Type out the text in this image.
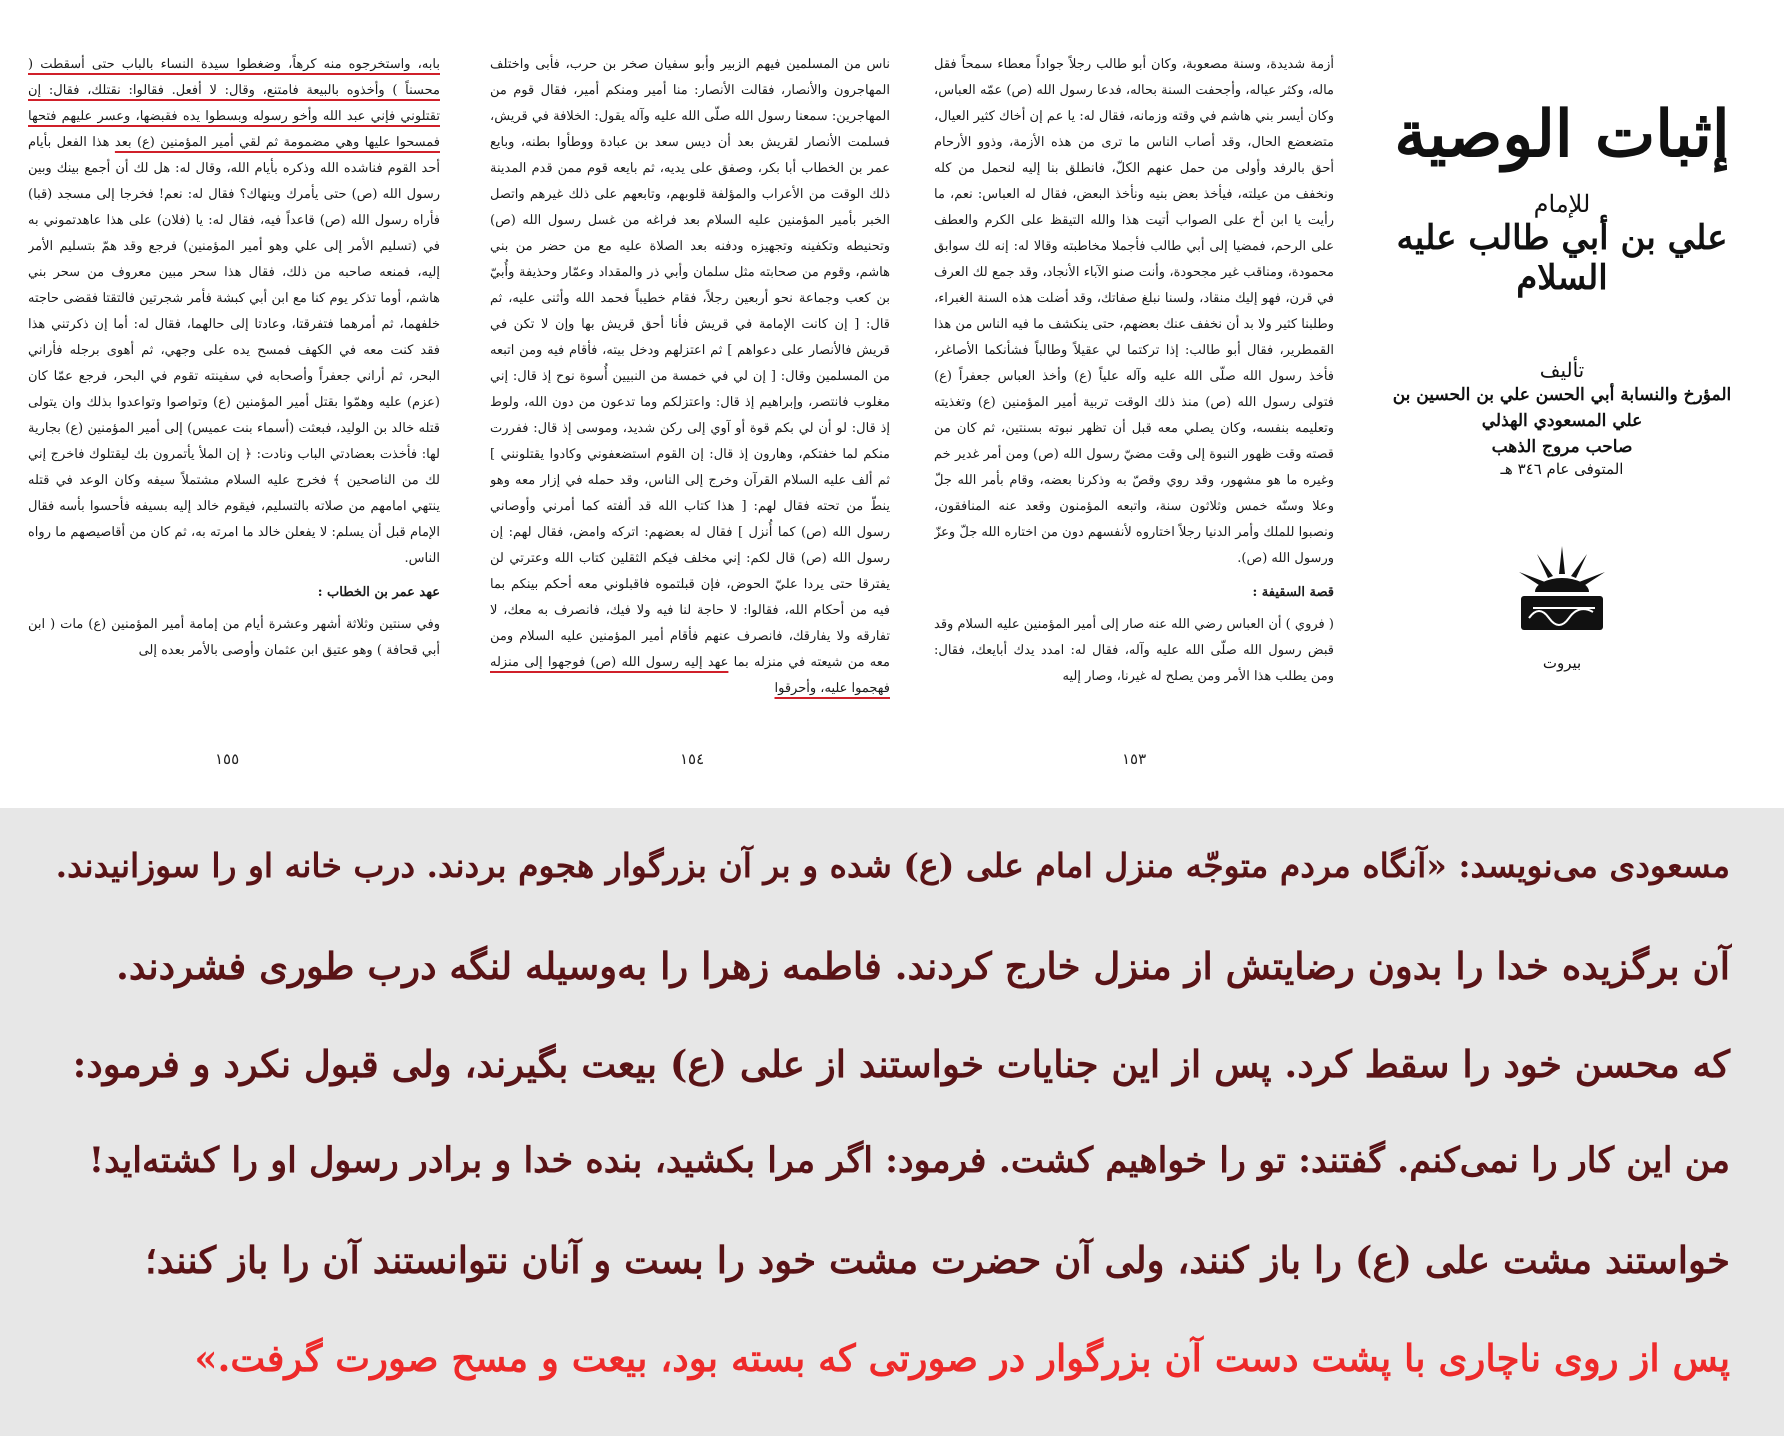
بابه، واستخرجوه منه كرهاً، وضغطوا سيدة النساء بالباب حتى أسقطت ( محسناً ) وأخذوه بالبيعة فامتنع، وقال: لا أفعل. فقالوا: نقتلك، فقال: إن تقتلوني فإني عبد الله وأخو رسوله وبسطوا يده فقبضها، وعسر عليهم فتحها فمسحوا عليها وهي مضمومة ثم لقي أمير المؤمنين (ع) بعد هذا الفعل بأيام أحد القوم فناشده الله وذكره بأيام الله، وقال له: هل لك أن أجمع بينك وبين رسول الله (ص) حتى يأمرك وينهاك؟ فقال له: نعم! فخرجا إلى مسجد (قبا) فأراه رسول الله (ص) قاعداً فيه، فقال له: يا (فلان) على هذا عاهدتموني به في (تسليم الأمر إلى علي وهو أمير المؤمنين) فرجع وقد همّ بتسليم الأمر إليه، فمنعه صاحبه من ذلك، فقال هذا سحر مبين معروف من سحر بني هاشم، أوما تذكر يوم كنا مع ابن أبي كبشة فأمر شجرتين فالتقتا فقضى حاجته خلفهما، ثم أمرهما فتفرقتا، وعادتا إلى حالهما، فقال له: أما إن ذكرتني هذا فقد كنت معه في الكهف فمسح يده على وجهي، ثم أهوى برجله فأراني البحر، ثم أراني جعفراً وأصحابه في سفينته تقوم في البحر، فرجع عمّا كان (عزم) عليه وهمّوا بقتل أمير المؤمنين (ع) وتواصوا وتواعدوا بذلك وان يتولى قتله خالد بن الوليد، فبعثت (أسماء بنت عميس) إلى أمير المؤمنين (ع) بجارية لها: فأخذت بعضادتي الباب ونادت: ﴿ إن الملأ يأتمرون بك ليقتلوك فاخرج إني لك من الناصحين ﴾ فخرج عليه السلام مشتملاً سيفه وكان الوعد في قتله ينتهي امامهم من صلاته بالتسليم، فيقوم خالد إليه بسيفه فأحسوا بأسه فقال الإمام قبل أن يسلم: لا يفعلن خالد ما امرته به، ثم كان من أقاصيصهم ما رواه الناس.

عهد عمر بن الخطاب :

وفي سنتين وثلاثة أشهر وعشرة أيام من إمامة أمير المؤمنين (ع) مات ( ابن أبي قحافة ) وهو عتيق ابن عثمان وأوصى بالأمر بعده إلى

ناس من المسلمين فيهم الزبير وأبو سفيان صخر بن حرب، فأبى واختلف المهاجرون والأنصار، فقالت الأنصار: منا أمير ومنكم أمير، فقال قوم من المهاجرين: سمعنا رسول الله صلّى الله عليه وآله يقول: الخلافة في قريش، فسلمت الأنصار لقريش بعد أن ديس سعد بن عبادة ووطأوا بطنه، وبايع عمر بن الخطاب أبا بكر، وصفق على يديه، ثم بايعه قوم ممن قدم المدينة ذلك الوقت من الأعراب والمؤلفة قلوبهم، وتابعهم على ذلك غيرهم واتصل الخبر بأمير المؤمنين عليه السلام بعد فراغه من غسل رسول الله (ص) وتحنيطه وتكفينه وتجهيزه ودفنه بعد الصلاة عليه مع من حضر من بني هاشم، وقوم من صحابته مثل سلمان وأبي ذر والمقداد وعمّار وحذيفة وأُبيّ بن كعب وجماعة نحو أربعين رجلاً، فقام خطيباً فحمد الله وأثنى عليه، ثم قال: [ إن كانت الإمامة في قريش فأنا أحق قريش بها وإن لا تكن في قريش فالأنصار على دعواهم ] ثم اعتزلهم ودخل بيته، فأقام فيه ومن اتبعه من المسلمين وقال: [ إن لي في خمسة من النبيين أُسوة نوح إذ قال: إني مغلوب فانتصر، وإبراهيم إذ قال: واعتزلكم وما تدعون من دون الله، ولوط إذ قال: لو أن لي بكم قوة أو آوي إلى ركن شديد، وموسى إذ قال: ففررت منكم لما خفتكم، وهارون إذ قال: إن القوم استضعفوني وكادوا يقتلونني ] ثم ألف عليه السلام القرآن وخرج إلى الناس، وقد حمله في إزار معه وهو ينطّ من تحته فقال لهم: [ هذا كتاب الله قد ألفته كما أمرني وأوصاني رسول الله (ص) كما أُنزل ] فقال له بعضهم: اتركه وامض، فقال لهم: إن رسول الله (ص) قال لكم: إني مخلف فيكم الثقلين كتاب الله وعترتي لن يفترقا حتى يردا عليّ الحوض، فإن قبلتموه فاقبلوني معه أحكم بينكم بما فيه من أحكام الله، فقالوا: لا حاجة لنا فيه ولا فيك، فانصرف به معك، لا تفارقه ولا يفارقك، فانصرف عنهم فأقام أمير المؤمنين عليه السلام ومن معه من شيعته في منزله بما عهد إليه رسول الله (ص) فوجهوا إلى منزله فهجموا عليه، وأحرقوا

أزمة شديدة، وسنة مصعوبة، وكان أبو طالب رجلاً جواداً معطاء سمحاً فقل ماله، وكثر عياله، وأجحفت السنة بحاله، فدعا رسول الله (ص) عمّه العباس، وكان أيسر بني هاشم في وقته وزمانه، فقال له: يا عم إن أخاك كثير العيال، متضعضع الحال، وقد أصاب الناس ما ترى من هذه الأزمة، وذوو الأرحام أحق بالرفد وأولى من حمل عنهم الكلّ، فانطلق بنا إليه لنحمل من كله ونخفف من عيلته، فيأخذ بعض بنيه ونأخذ البعض، فقال له العباس: نعم، ما رأيت يا ابن أخ على الصواب أتيت هذا والله التيقظ على الكرم والعطف على الرحم، فمضيا إلى أبي طالب فأجملا مخاطبته وقالا له: إنه لك سوابق محمودة، ومناقب غير مجحودة، وأنت صنو الآباء الأنجاد، وقد جمع لك العرف في قرن، فهو إليك منقاد، ولسنا نبلغ صفاتك، وقد أضلت هذه السنة الغبراء، وطلبنا كثير ولا بد أن نخفف عنك بعضهم، حتى ينكشف ما فيه الناس من هذا القمطرير، فقال أبو طالب: إذا تركتما لي عقيلاً وطالباً فشأنكما الأصاغر، فأخذ رسول الله صلّى الله عليه وآله علياً (ع) وأخذ العباس جعفراً (ع) فتولى رسول الله (ص) منذ ذلك الوقت تربية أمير المؤمنين (ع) وتغذيته وتعليمه بنفسه، وكان يصلي معه قبل أن تظهر نبوته بسنتين، ثم كان من قصته وقت ظهور النبوة إلى وقت مضيّ رسول الله (ص) ومن أمر غدير خم وغيره ما هو مشهور، وقد روي وقصّ به وذكرنا بعضه، وقام بأمر الله جلّ وعلا وسنّه خمس وثلاثون سنة، واتبعه المؤمنون وقعد عنه المنافقون، ونصبوا للملك وأمر الدنيا رجلاً اختاروه لأنفسهم دون من اختاره الله جلّ وعزّ ورسول الله (ص).

قصة السقيفة :

( فروي ) أن العباس رضي الله عنه صار إلى أمير المؤمنين عليه السلام وقد قبض رسول الله صلّى الله عليه وآله، فقال له: امدد يدك أبايعك، فقال: ومن يطلب هذا الأمر ومن يصلح له غيرنا، وصار إليه

١٥٥	١٥٤	١٥٣
إثبات الوصية
للإمام
علي بن أبي طالب عليه السلام
تأليف
المؤرخ والنسابة أبي الحسن علي بن الحسين بن علي المسعودي الهذلي
صاحب مروج الذهب
المتوفى عام ٣٤٦ هـ
بيروت
مسعودی می‌نویسد: «آنگاه مردم متوجّه منزل امام علی (ع) شده و بر آن بزرگوار هجوم بردند. درب خانه او را سوزانیدند.
آن برگزیده خدا را بدون رضایتش از منزل خارج کردند. فاطمه زهرا را به‌وسیله لنگه درب طوری فشردند.
که محسن خود را سقط کرد. پس از این جنایات خواستند از علی (ع) بیعت بگیرند، ولی قبول نکرد و فرمود:
من این کار را نمی‌کنم. گفتند: تو را خواهیم کشت. فرمود: اگر مرا بکشید، بنده خدا و برادر رسول او را کشته‌اید!
خواستند مشت علی (ع) را باز کنند، ولی آن حضرت مشت خود را بست و آنان نتوانستند آن را باز کنند؛
پس از روی ناچاری با پشت دست آن بزرگوار در صورتی که بسته بود، بیعت و مسح صورت گرفت.»
